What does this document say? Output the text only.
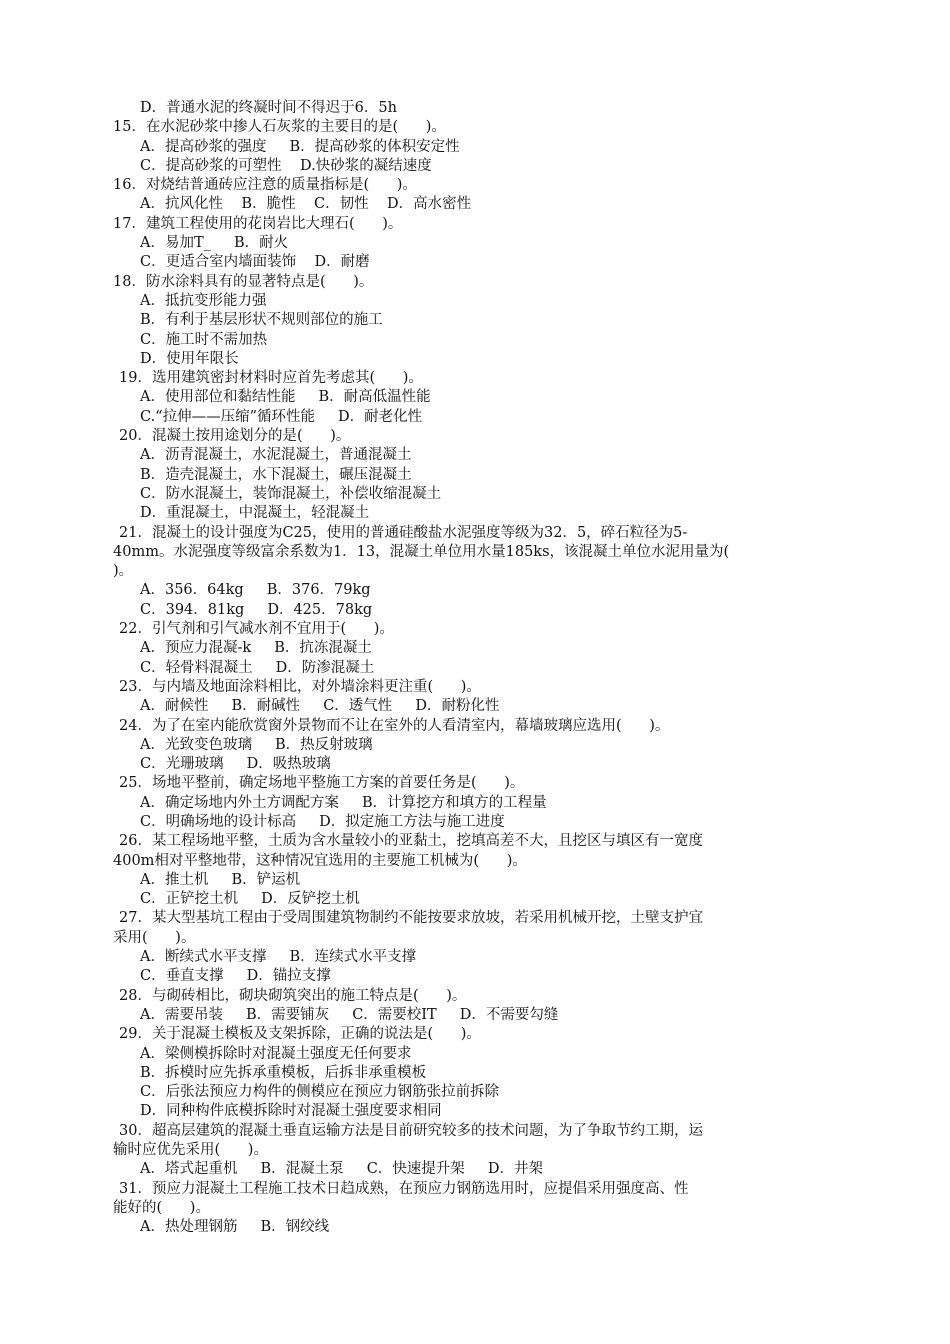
D．普通水泥的终凝时间不得迟于6．5h
15．在水泥砂浆中掺人石灰浆的主要目的是(      )。
A．提高砂浆的强度     B．提高砂浆的体积安定性
C．提高砂浆的可塑性    D.快砂浆的凝结速度
16．对烧结普通砖应注意的质量指标是(      )。
A．抗风化性    B．脆性    C．韧性    D．高水密性
17．建筑工程使用的花岗岩比大理石(      )。
A．易加T_     B．耐火
C．更适合室内墙面装饰    D．耐磨
18．防水涂料具有的显著特点是(      )。
A．抵抗变形能力强
B．有利于基层形状不规则部位的施工
C．施工时不需加热
D．使用年限长
19．选用建筑密封材料时应首先考虑其(      )。
A．使用部位和黏结性能     B．耐高低温性能
C.“拉伸——压缩”循环性能     D．耐老化性
20．混凝土按用途划分的是(      )。
A．沥青混凝土，水泥混凝土，普通混凝土
B．造壳混凝土，水下混凝土，碾压混凝土
C．防水混凝土，装饰混凝土，补偿收缩混凝土
D．重混凝土，中混凝土，轻混凝土
21．混凝土的设计强度为C25，使用的普通硅酸盐水泥强度等级为32．5，碎石粒径为5-
40mm。水泥强度等级富余系数为1．13，混凝土单位用水量185ks，该混凝土单位水泥用量为(
)。
A．356．64kg     B．376．79kg
C．394．81kg     D．425．78kg
22．引气剂和引气减水剂不宜用于(      )。
A．预应力混凝-k     B．抗冻混凝土
C．轻骨料混凝土     D．防渗混凝土
23．与内墙及地面涂料相比，对外墙涂料更注重(      )。
A．耐候性     B．耐碱性     C．透气性     D．耐粉化性
24．为了在室内能欣赏窗外景物而不让在室外的人看清室内，幕墙玻璃应选用(      )。
A．光致变色玻璃     B．热反射玻璃
C．光珊玻璃     D．吸热玻璃
25．场地平整前，确定场地平整施工方案的首要任务是(      )。
A．确定场地内外土方调配方案     B．计算挖方和填方的工程量
C．明确场地的设计标高     D．拟定施工方法与施工进度
26．某工程场地平整，土质为含水量较小的亚黏土，挖填高差不大，且挖区与填区有一宽度
400m相对平整地带，这种情况宜选用的主要施工机械为(      )。
A．推土机     B．铲运机
C．正铲挖土机     D．反铲挖土机
27．某大型基坑工程由于受周围建筑物制约不能按要求放坡，若采用机械开挖，土壁支护宜
采用(      )。
A．断续式水平支撑     B．连续式水平支撑
C．垂直支撑     D．锚拉支撑
28．与砌砖相比，砌块砌筑突出的施工特点是(      )。
A．需要吊装     B．需要铺灰     C．需要校IT     D．不需要勾缝
29．关于混凝土模板及支架拆除，正确的说法是(      )。
A．梁侧模拆除时对混凝土强度无任何要求
B．拆模时应先拆承重模板，后拆非承重模板
C．后张法预应力构件的侧模应在预应力钢筋张拉前拆除
D．同种构件底模拆除时对混凝土强度要求相同
30．超高层建筑的混凝土垂直运输方法是目前研究较多的技术问题，为了争取节约工期，运
输时应优先采用(      )。
A．塔式起重机     B．混凝土泵     C．快速提升架     D．井架
31．预应力混凝土工程施工技术日趋成熟，在预应力钢筋选用时，应提倡采用强度高、性
能好的(      )。
A．热处理钢筋     B．钢绞线
